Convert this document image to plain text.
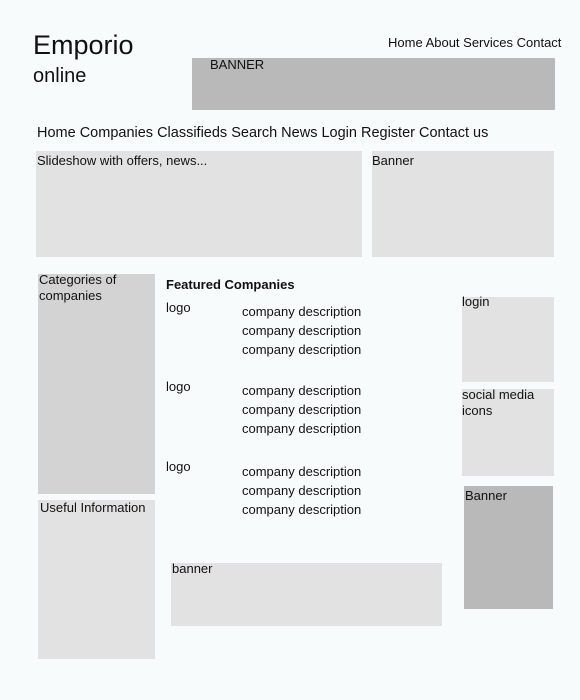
Emporio
online
Home About Services Contact
BANNER
Home Companies Classifieds Search News Login Register Contact us
Slideshow with offers, news...	Banner
Categories of
companies
Useful Information
Featured Companies
logo	company description
company description
company description
logo	company description
company description
company description
logo	company description
company description
company description
banner
login
social media
icons
Banner
